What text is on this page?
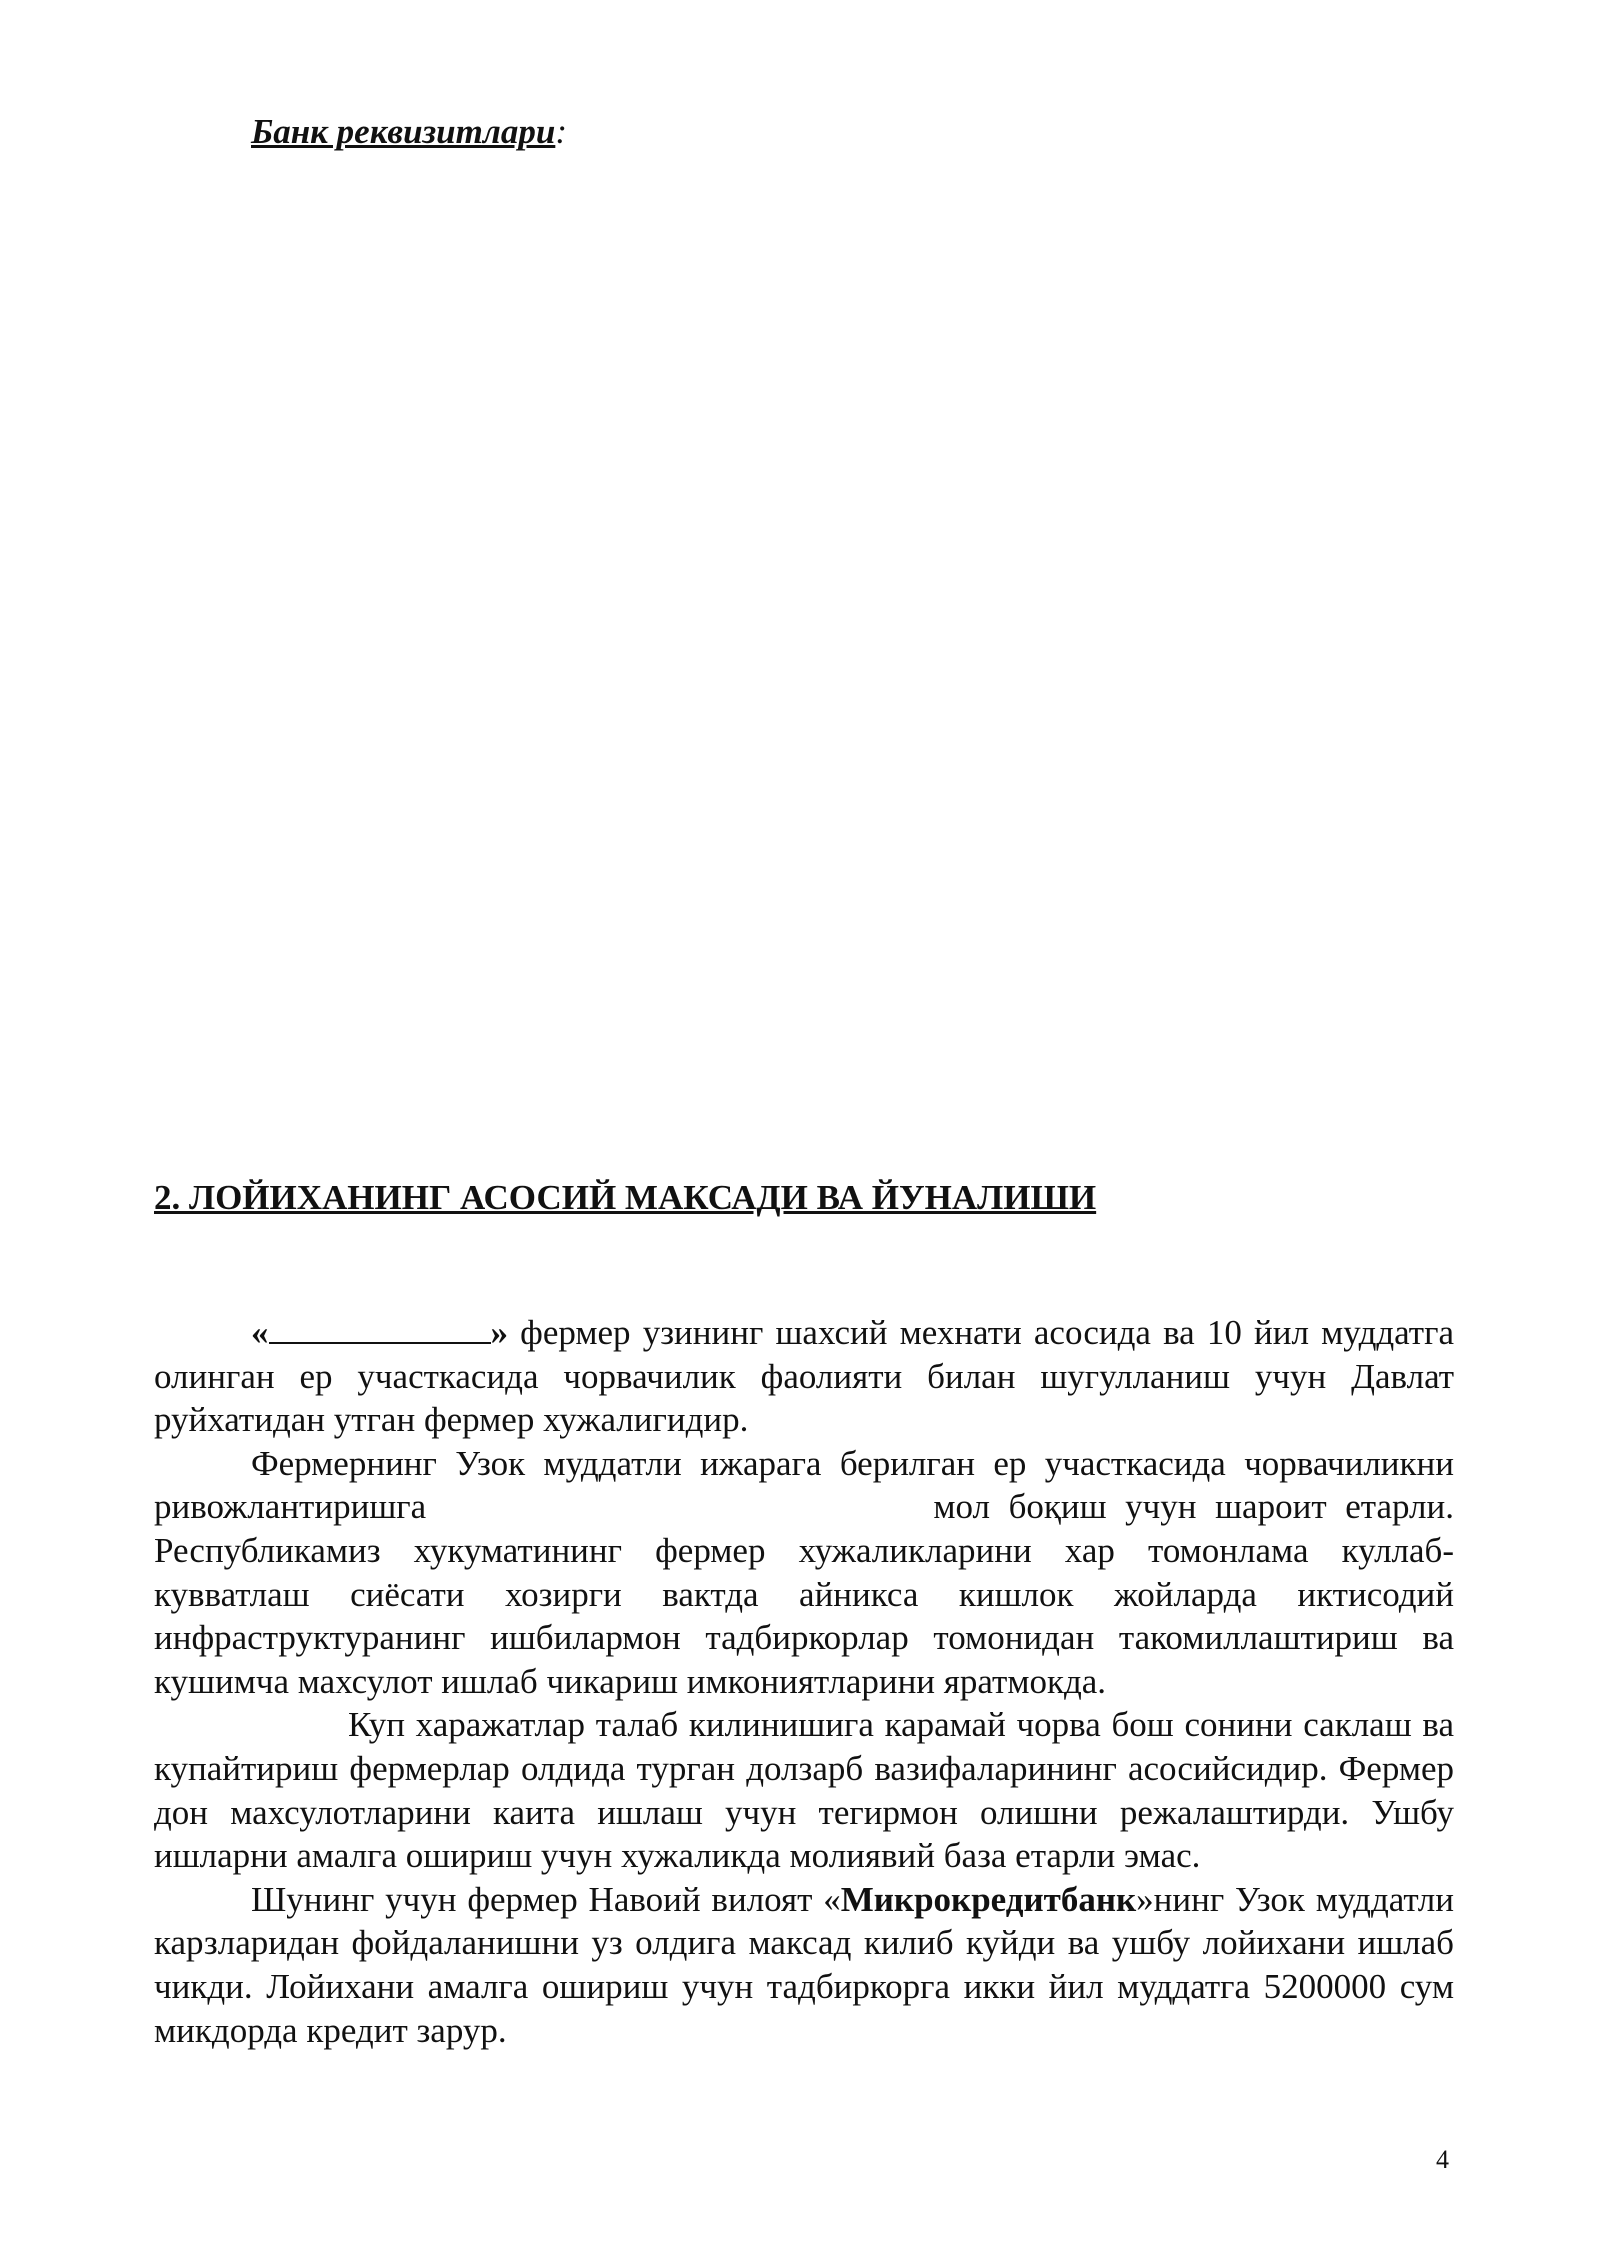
Банк реквизитлари:
2. ЛОЙИХАНИНГ АСОСИЙ МАКСАДИ ВА ЙУНАЛИШИ

«	» фермер узининг шахсий мехнати асосида ва 10 йил муддатга олинган ер участкасида чорвачилик фаолияти билан шугулланиш учун Давлат руйхатидан утган фермер хужалигидир.

Фермернинг Узок муддатли ижарага берилган ер участкасида чорвачиликни ривожлантиришга	мол боқиш учун шароит етарли. Республикамиз хукуматининг фермер хужаликларини хар томонлама куллаб-кувватлаш сиёсати хозирги вактда айникса кишлок жойларда иктисодий инфраструктуранинг ишбилармон тадбиркорлар томонидан такомиллаштириш ва кушимча махсулот ишлаб чикариш имкониятларини яратмокда.

Куп харажатлар талаб килинишига карамай чорва бош сонини саклаш ва купайтириш фермерлар олдида турган долзарб вазифаларининг асосийсидир. Фермер дон махсулотларини каита ишлаш учун тегирмон олишни режалаштирди. Ушбу ишларни амалга ошириш учун хужаликда молиявий база етарли эмас.

Шунинг учун фермер Навоий вилоят «Микрокредитбанк»нинг Узок муддатли карзларидан фойдаланишни уз олдига максад килиб куйди ва ушбу лойихани ишлаб чикди. Лойихани амалга ошириш учун тадбиркорга икки йил муддатга 5200000 сум микдорда кредит зарур.

4
